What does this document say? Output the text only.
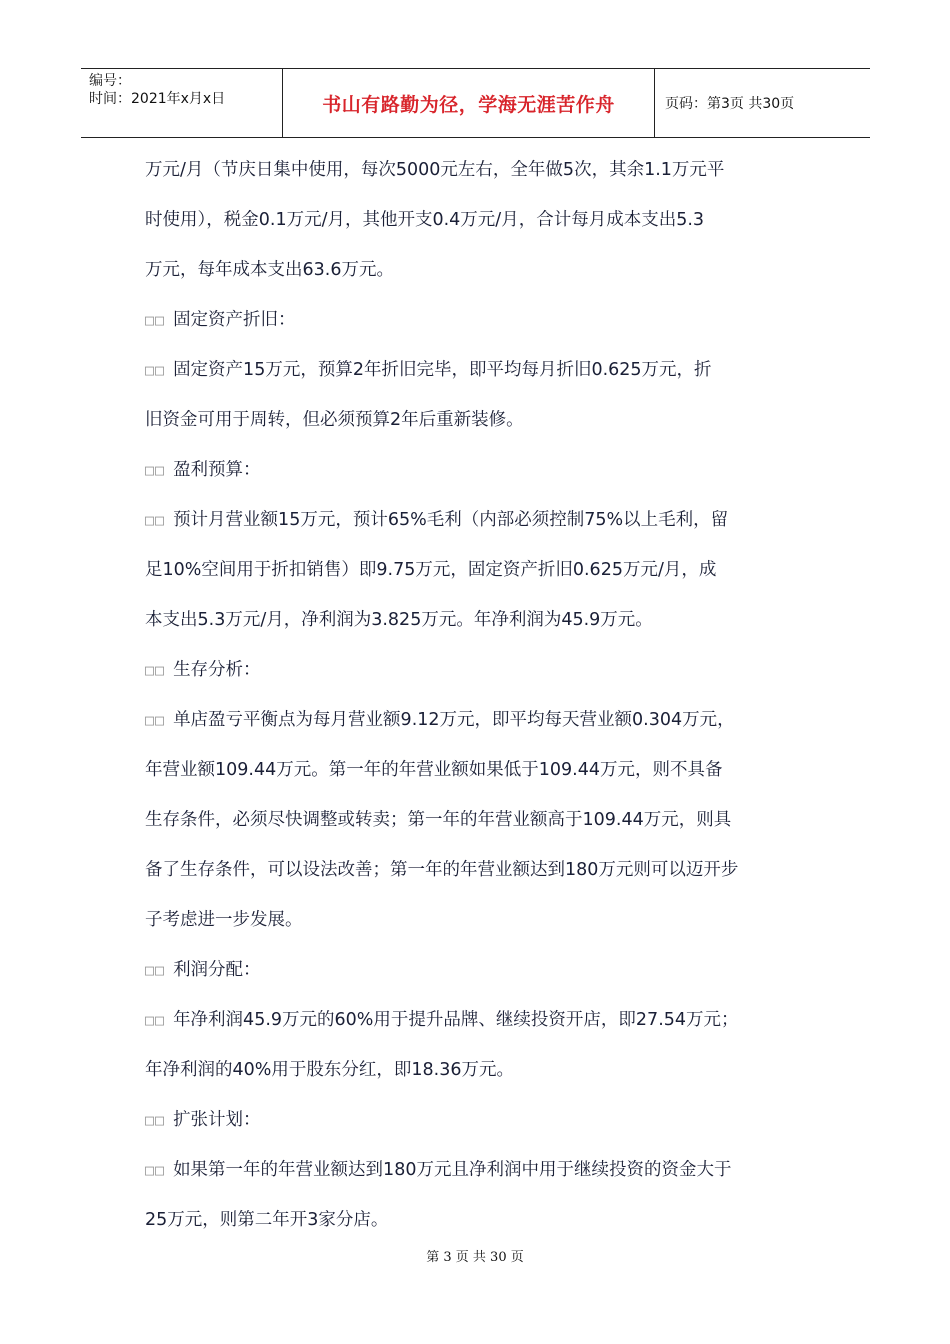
编号：
时间：2021年x月x日	书山有路勤为径，学海无涯苦作舟	页码：第3页 共30页
万元/月（节庆日集中使用，每次5000元左右，全年做5次，其余1.1万元平
时使用），税金0.1万元/月，其他开支0.4万元/月，合计每月成本支出5.3
万元，每年成本支出63.6万元。
□□ 固定资产折旧：
□□ 固定资产15万元，预算2年折旧完毕，即平均每月折旧0.625万元，折
旧资金可用于周转，但必须预算2年后重新装修。
□□ 盈利预算：
□□ 预计月营业额15万元，预计65%毛利（内部必须控制75%以上毛利，留
足10%空间用于折扣销售）即9.75万元，固定资产折旧0.625万元/月，成
本支出5.3万元/月，净利润为3.825万元。年净利润为45.9万元。
□□ 生存分析：
□□ 单店盈亏平衡点为每月营业额9.12万元，即平均每天营业额0.304万元，
年营业额109.44万元。第一年的年营业额如果低于109.44万元，则不具备
生存条件，必须尽快调整或转卖；第一年的年营业额高于109.44万元，则具
备了生存条件，可以设法改善；第一年的年营业额达到180万元则可以迈开步
子考虑进一步发展。
□□ 利润分配：
□□ 年净利润45.9万元的60%用于提升品牌、继续投资开店，即27.54万元；
年净利润的40%用于股东分红，即18.36万元。
□□ 扩张计划：
□□ 如果第一年的年营业额达到180万元且净利润中用于继续投资的资金大于
25万元，则第二年开3家分店。
第 3 页 共 30 页
